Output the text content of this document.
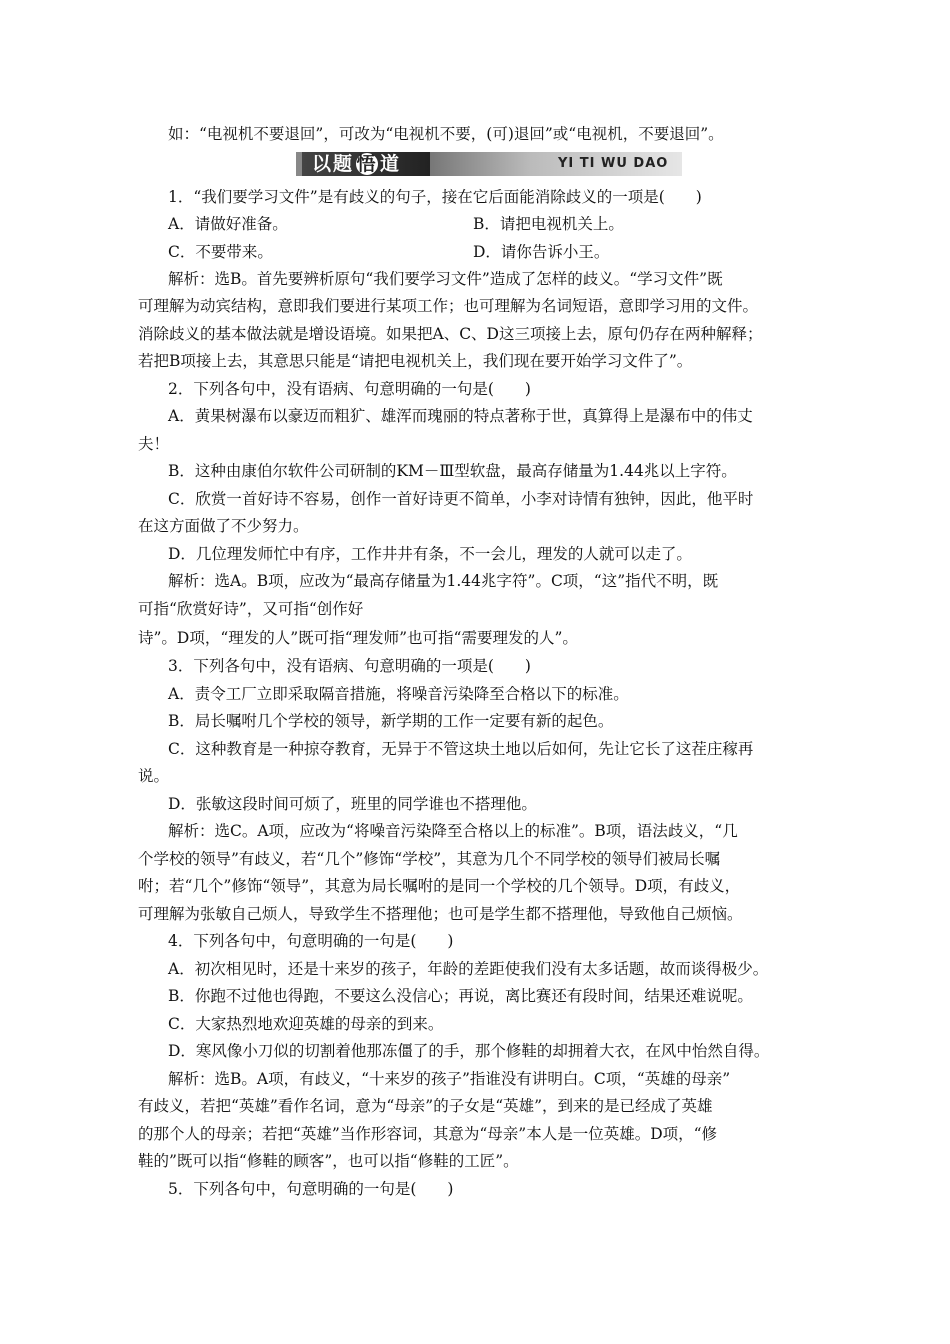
如：“电视机不要退回”，可改为“电视机不要，(可)退回”或“电视机，不要退回”。
以题 悟 道	YI TI WU DAO
1．“我们要学习文件”是有歧义的句子，接在它后面能消除歧义的一项是(　　)
A．请做好准备。	B．请把电视机关上。
C．不要带来。	D．请你告诉小王。
解析：选B。首先要辨析原句“我们要学习文件”造成了怎样的歧义。“学习文件”既
可理解为动宾结构，意即我们要进行某项工作；也可理解为名词短语，意即学习用的文件。
消除歧义的基本做法就是增设语境。如果把A、C、D这三项接上去，原句仍存在两种解释；
若把B项接上去，其意思只能是“请把电视机关上，我们现在要开始学习文件了”。
2．下列各句中，没有语病、句意明确的一句是(　　)
A．黄果树瀑布以豪迈而粗犷、雄浑而瑰丽的特点著称于世，真算得上是瀑布中的伟丈
夫！
B．这种由康伯尔软件公司研制的KM－Ⅲ型软盘，最高存储量为1.44兆以上字符。
C．欣赏一首好诗不容易，创作一首好诗更不简单，小李对诗情有独钟，因此，他平时
在这方面做了不少努力。
D．几位理发师忙中有序，工作井井有条，不一会儿，理发的人就可以走了。
解析：选A。B项，应改为“最高存储量为1.44兆字符”。C项，“这”指代不明，既
可指“欣赏好诗”，又可指“创作好
诗”。D项，“理发的人”既可指“理发师”也可指“需要理发的人”。
3．下列各句中，没有语病、句意明确的一项是(　　)
A．责令工厂立即采取隔音措施，将噪音污染降至合格以下的标准。
B．局长嘱咐几个学校的领导，新学期的工作一定要有新的起色。
C．这种教育是一种掠夺教育，无异于不管这块土地以后如何，先让它长了这茬庄稼再
说。
D．张敏这段时间可烦了，班里的同学谁也不搭理他。
解析：选C。A项，应改为“将噪音污染降至合格以上的标准”。B项，语法歧义，“几
个学校的领导”有歧义，若“几个”修饰“学校”，其意为几个不同学校的领导们被局长嘱
咐；若“几个”修饰“领导”，其意为局长嘱咐的是同一个学校的几个领导。D项，有歧义，
可理解为张敏自己烦人，导致学生不搭理他；也可是学生都不搭理他，导致他自己烦恼。
4．下列各句中，句意明确的一句是(　　)
A．初次相见时，还是十来岁的孩子，年龄的差距使我们没有太多话题，故而谈得极少。
B．你跑不过他也得跑，不要这么没信心；再说，离比赛还有段时间，结果还难说呢。
C．大家热烈地欢迎英雄的母亲的到来。
D．寒风像小刀似的切割着他那冻僵了的手，那个修鞋的却拥着大衣，在风中怡然自得。
解析：选B。A项，有歧义，“十来岁的孩子”指谁没有讲明白。C项，“英雄的母亲”
有歧义，若把“英雄”看作名词，意为“母亲”的子女是“英雄”，到来的是已经成了英雄
的那个人的母亲；若把“英雄”当作形容词，其意为“母亲”本人是一位英雄。D项，“修
鞋的”既可以指“修鞋的顾客”，也可以指“修鞋的工匠”。
5．下列各句中，句意明确的一句是(　　)
